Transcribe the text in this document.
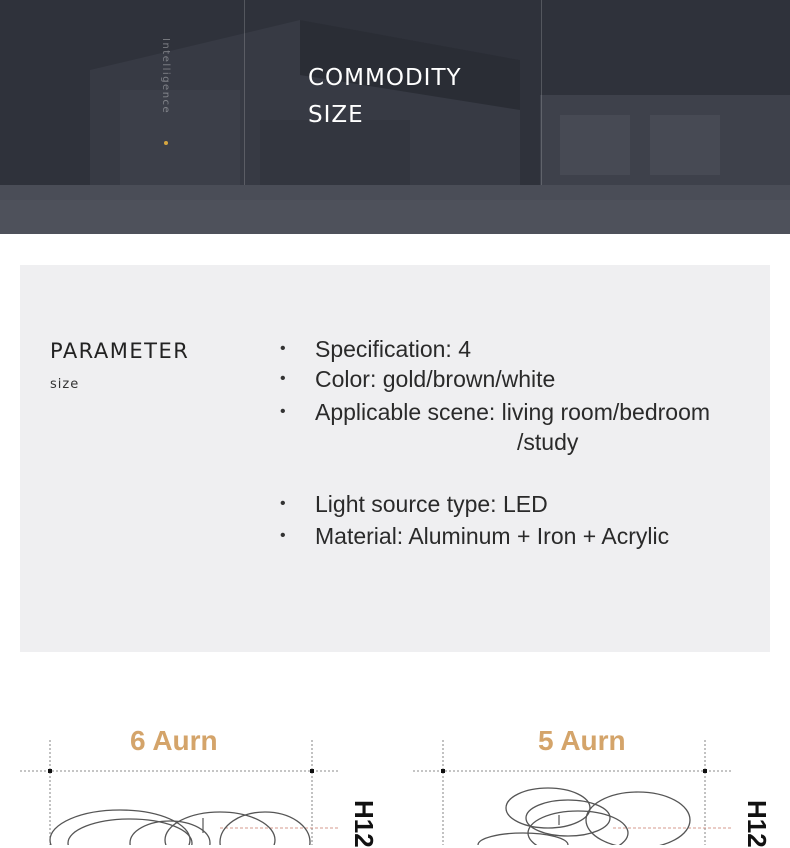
Intelligence	COMMODITY
SIZE
PARAMETER
size
• Specification: 4
• Color: gold/brown/white
• Applicable scene: living room/bedroom
/study
• Light source type: LED
• Material: Aluminum + Iron + Acrylic
6 Aurn
H12
5 Aurn
H12
